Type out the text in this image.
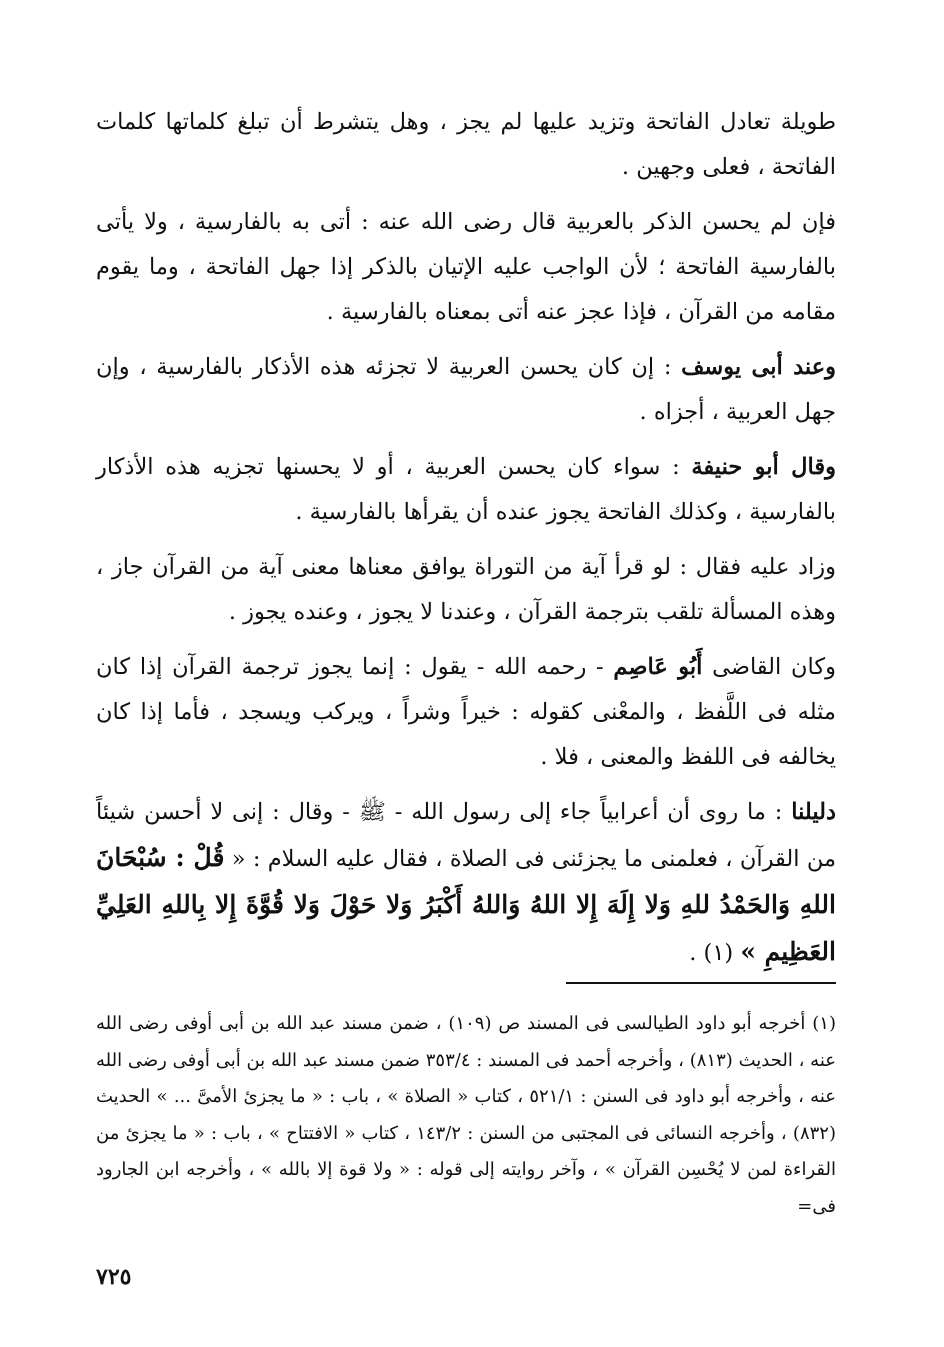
طويلة تعادل الفاتحة وتزيد عليها لم يجز ، وهل يتشرط أن تبلغ كلماتها كلمات الفاتحة ، فعلى وجهين .

فإن لم يحسن الذكر بالعربية قال رضى الله عنه : أتى به بالفارسية ، ولا يأتى بالفارسية الفاتحة ؛ لأن الواجب عليه الإتيان بالذكر إذا جهل الفاتحة ، وما يقوم مقامه من القرآن ، فإذا عجز عنه أتى بمعناه بالفارسية .

وعند أبى يوسف : إن كان يحسن العربية لا تجزئه هذه الأذكار بالفارسية ، وإن جهل العربية ، أجزاه .

وقال أبو حنيفة : سواء كان يحسن العربية ، أو لا يحسنها تجزيه هذه الأذكار بالفارسية ، وكذلك الفاتحة يجوز عنده أن يقرأها بالفارسية .

وزاد عليه فقال : لو قرأ آية من التوراة يوافق معناها معنى آية من القرآن جاز ، وهذه المسألة تلقب بترجمة القرآن ، وعندنا لا يجوز ، وعنده يجوز .

وكان القاضى أَبُو عَاصِم - رحمه الله - يقول : إنما يجوز ترجمة القرآن إذا كان مثله فى اللَّفظ ، والمعْنى كقوله : خيراً وشراً ، ويركب ويسجد ، فأما إذا كان يخالفه فى اللفظ والمعنى ، فلا .

دليلنا : ما روى أن أعرابياً جاء إلى رسول الله - ﷺ - وقال : إنى لا أحسن شيئاً من القرآن ، فعلمنى ما يجزئنى فى الصلاة ، فقال عليه السلام : « قُلْ : سُبْحَانَ اللهِ وَالحَمْدُ للهِ وَلا إِلَهَ إِلا اللهُ وَاللهُ أَكْبَرُ وَلا حَوْلَ وَلا قُوَّةَ إِلا بِاللهِ العَلِيِّ العَظِيمِ » (١) .

(١) أخرجه أبو داود الطيالسى فى المسند ص (١٠٩) ، ضمن مسند عبد الله بن أبى أوفى رضى الله عنه ، الحديث (٨١٣) ، وأخرجه أحمد فى المسند : ٣٥٣/٤ ضمن مسند عبد الله بن أبى أوفى رضى الله عنه ، وأخرجه أبو داود فى السنن : ٥٢١/١ ، كتاب « الصلاة » ، باب : « ما يجزئ الأمىَّ ... » الحديث (٨٣٢) ، وأخرجه النسائى فى المجتبى من السنن : ١٤٣/٢ ، كتاب « الافتتاح » ، باب : « ما يجزئ من القراءة لمن لا يُحْسِن القرآن » ، وآخر روايته إلى قوله : « ولا قوة إلا بالله » ، وأخرجه ابن الجارود فى=
٧٢٥
